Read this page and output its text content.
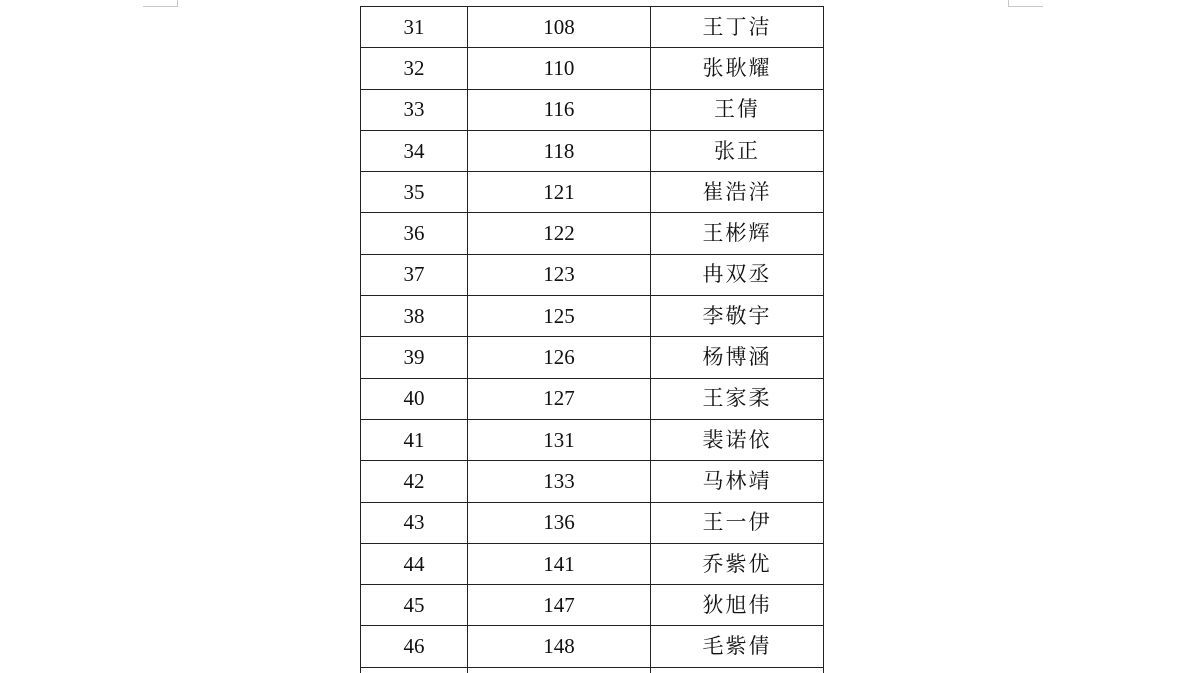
31	108	王丁洁
32	110	张耿耀
33	116	王倩
34	118	张正
35	121	崔浩洋
36	122	王彬辉
37	123	冉双丞
38	125	李敬宇
39	126	杨博涵
40	127	王家柔
41	131	裴诺依
42	133	马林靖
43	136	王一伊
44	141	乔紫优
45	147	狄旭伟
46	148	毛紫倩
